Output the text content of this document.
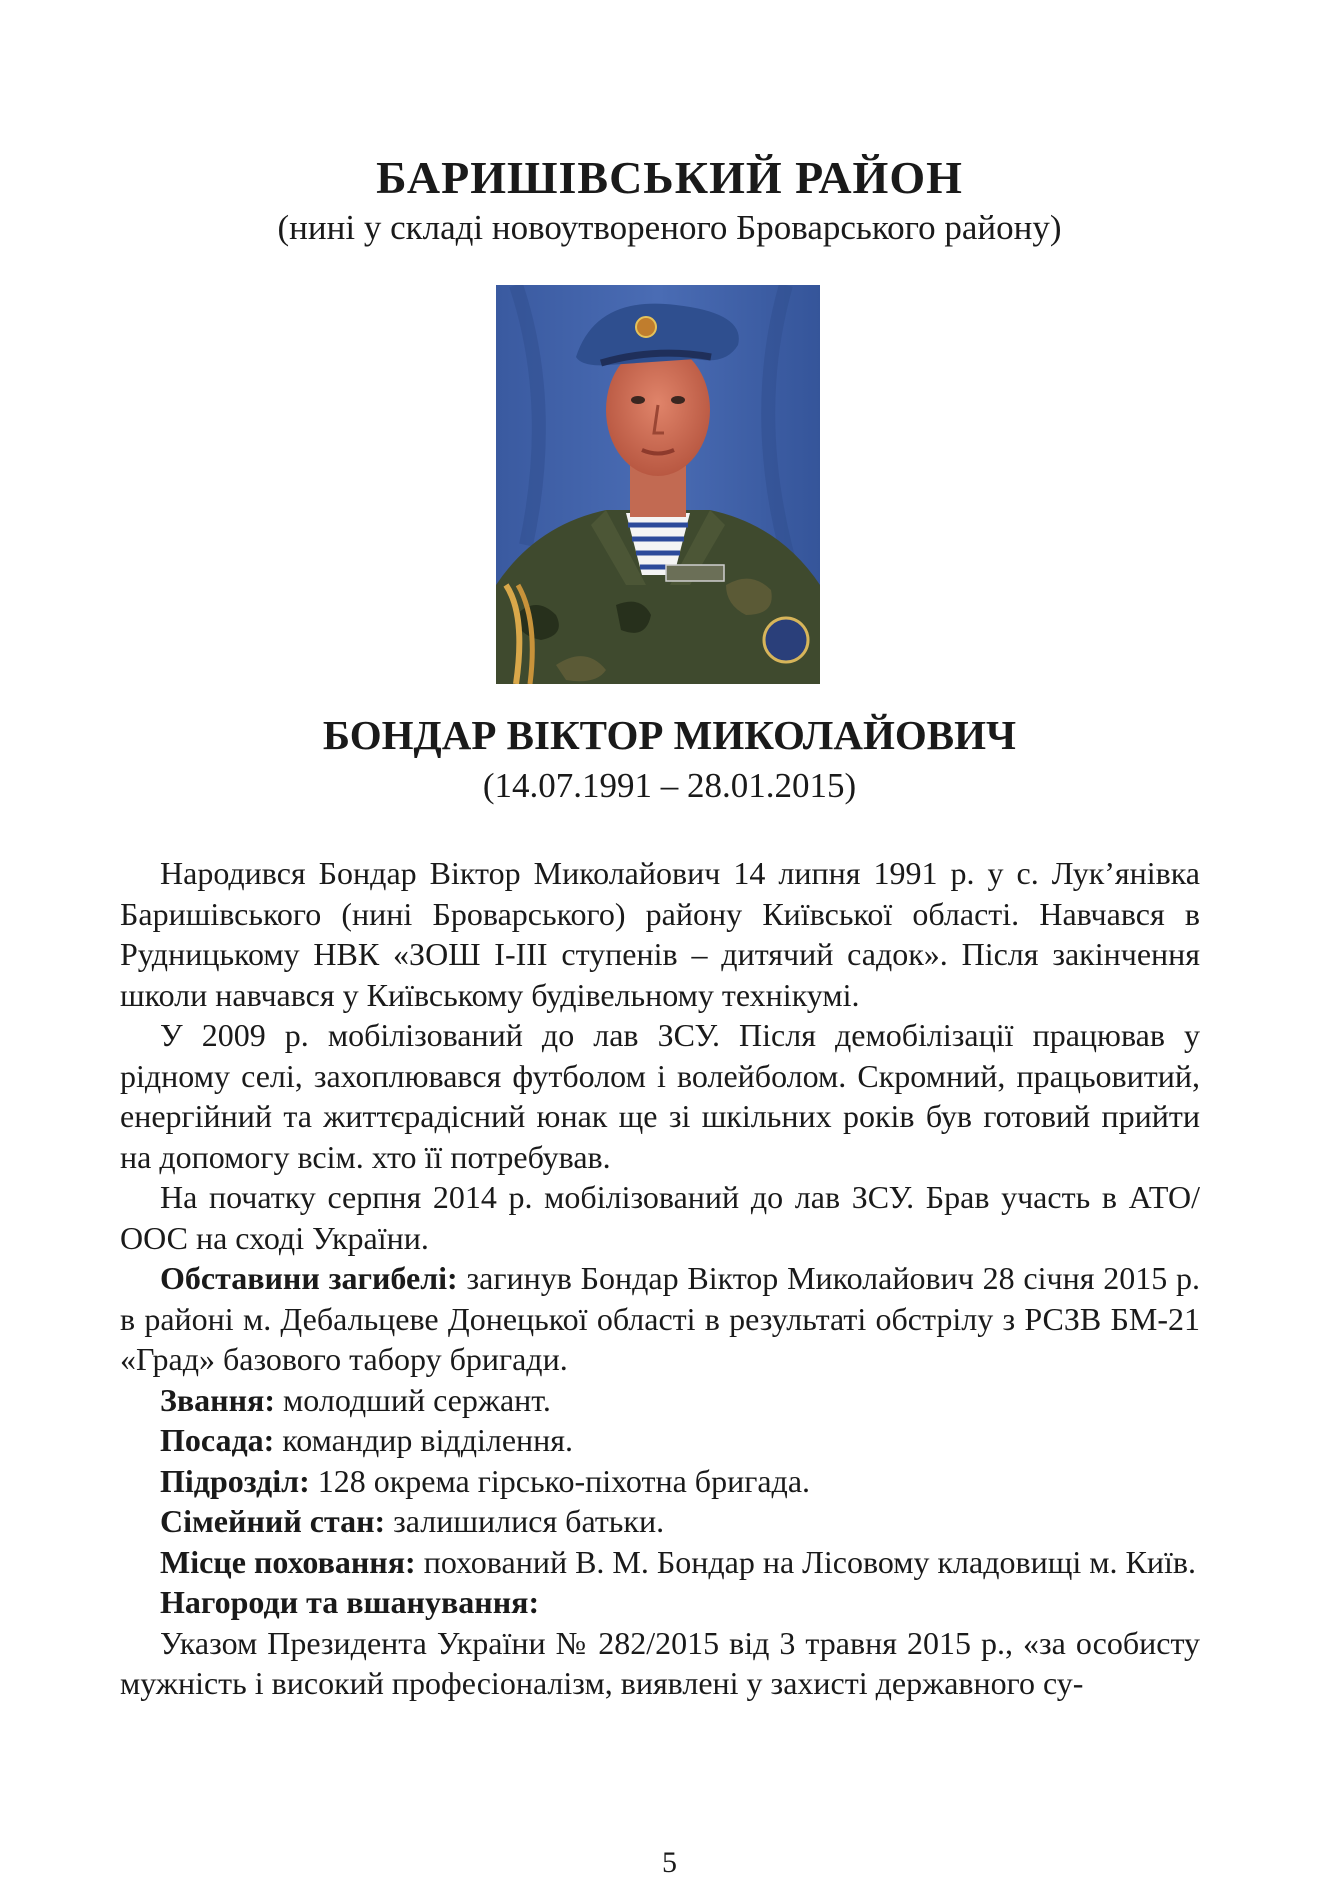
БАРИШІВСЬКИЙ РАЙОН
(нині у складі новоутвореного Броварського району)
БОНДАР ВІКТОР МИКОЛАЙОВИЧ
(14.07.1991 – 28.01.2015)

Народився Бондар Віктор Миколайович 14 липня 1991 р. у с. Лук’янівка Баришівського (нині Броварського) району Київської області. Навчався в Рудницькому НВК «ЗОШ І-ІІІ ступенів – дитячий садок». Після закінчення школи навчався у Київському будівельному технікумі.

У 2009 р. мобілізований до лав ЗСУ. Після демобілізації працював у рідному селі, захоплювався футболом і волейболом. Скромний, працьовитий, енергійний та життєрадісний юнак ще зі шкільних років був готовий прийти на допомогу всім. хто її потребував.

На початку серпня 2014 р. мобілізований до лав ЗСУ. Брав участь в АТО/ООС на сході України.

Обставини загибелі: загинув Бондар Віктор Миколайович 28 січня 2015 р. в районі м. Дебальцеве Донецької області в результаті обстрілу з РСЗВ БМ-21 «Град» базового табору бригади.

Звання: молодший сержант.

Посада: командир відділення.

Підрозділ: 128 окрема гірсько-піхотна бригада.

Сімейний стан: залишилися батьки.

Місце поховання: похований В. М. Бондар на Лісовому кладовищі м. Київ.

Нагороди та вшанування:

Указом Президента України № 282/2015 від 3 травня 2015 р., «за особисту мужність і високий професіоналізм, виявлені у захисті державного су-

5
